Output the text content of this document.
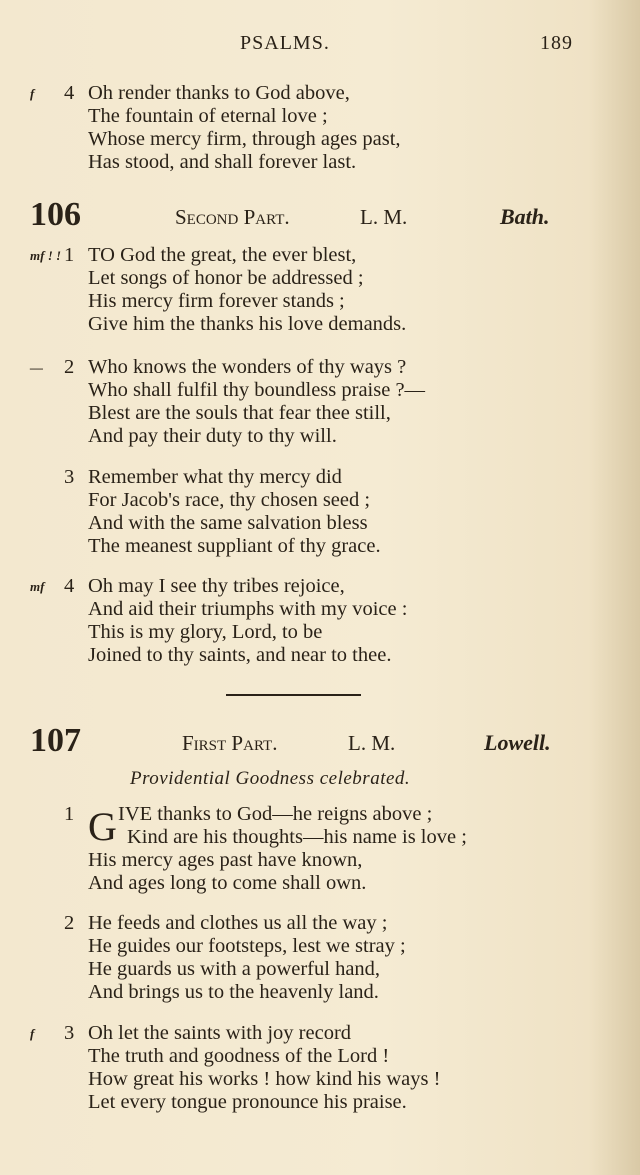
PSALMS.	189
f 4 Oh render thanks to God above,
The fountain of eternal love ;
Whose mercy firm, through ages past,
Has stood, and shall forever last.
106	Second Part.	L. M.	Bath.
mf ! ! 1 TO God the great, the ever blest,
Let songs of honor be addressed ;
His mercy firm forever stands ;
Give him the thanks his love demands.
— 2 Who knows the wonders of thy ways ?
Who shall fulfil thy boundless praise ?—
Blest are the souls that fear thee still,
And pay their duty to thy will.
3 Remember what thy mercy did
For Jacob's race, thy chosen seed ;
And with the same salvation bless
The meanest suppliant of thy grace.
mf 4 Oh may I see thy tribes rejoice,
And aid their triumphs with my voice :
This is my glory, Lord, to be
Joined to thy saints, and near to thee.
107	First Part.	L. M.	Lowell.
Providential Goodness celebrated.
1 G IVE thanks to God—he reigns above ;
Kind are his thoughts—his name is love ;
His mercy ages past have known,
And ages long to come shall own.
2 He feeds and clothes us all the way ;
He guides our footsteps, lest we stray ;
He guards us with a powerful hand,
And brings us to the heavenly land.
f 3 Oh let the saints with joy record
The truth and goodness of the Lord !
How great his works ! how kind his ways !
Let every tongue pronounce his praise.
